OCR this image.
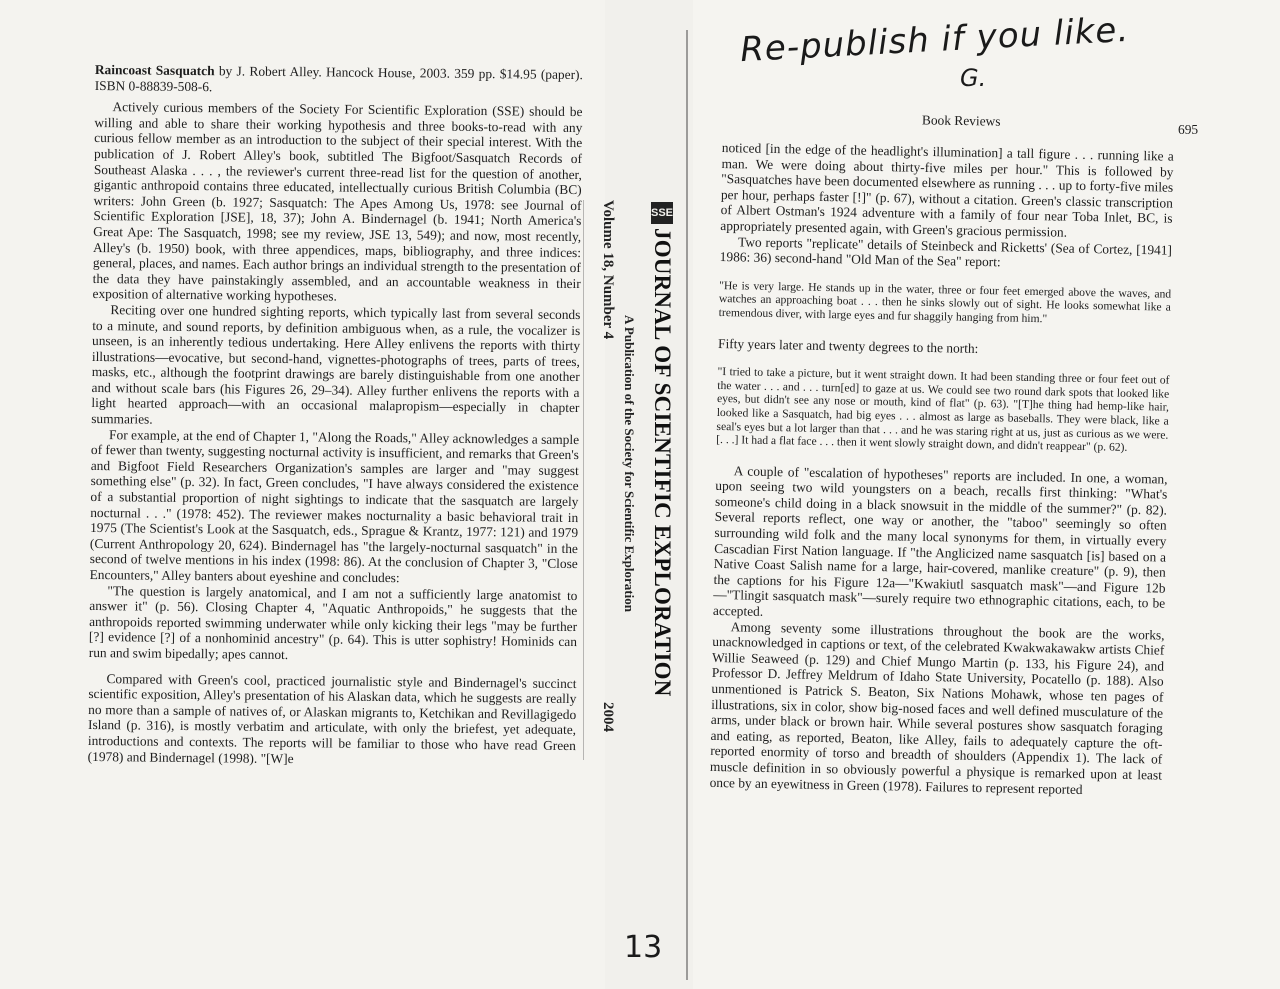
Raincoast Sasquatch by J. Robert Alley. Hancock House, 2003. 359 pp. $14.95 (paper). ISBN 0-88839-508-6.

Actively curious members of the Society For Scientific Exploration (SSE) should be willing and able to share their working hypothesis and three books-to-read with any curious fellow member as an introduction to the subject of their special interest. With the publication of J. Robert Alley's book, subtitled The Bigfoot/Sasquatch Records of Southeast Alaska . . . , the reviewer's current three-read list for the question of another, gigantic anthropoid contains three educated, intellectually curious British Columbia (BC) writers: John Green (b. 1927; Sasquatch: The Apes Among Us, 1978: see Journal of Scientific Exploration [JSE], 18, 37); John A. Bindernagel (b. 1941; North America's Great Ape: The Sasquatch, 1998; see my review, JSE 13, 549); and now, most recently, Alley's (b. 1950) book, with three appendices, maps, bibliography, and three indices: general, places, and names. Each author brings an individual strength to the presentation of the data they have painstakingly assembled, and an accountable weakness in their exposition of alternative working hypotheses.

Reciting over one hundred sighting reports, which typically last from several seconds to a minute, and sound reports, by definition ambiguous when, as a rule, the vocalizer is unseen, is an inherently tedious undertaking. Here Alley enlivens the reports with thirty illustrations—evocative, but second-hand, vignettes-photographs of trees, parts of trees, masks, etc., although the footprint drawings are barely distinguishable from one another and without scale bars (his Figures 26, 29–34). Alley further enlivens the reports with a light hearted approach—with an occasional malapropism—especially in chapter summaries.

For example, at the end of Chapter 1, "Along the Roads," Alley acknowledges a sample of fewer than twenty, suggesting nocturnal activity is insufficient, and remarks that Green's and Bigfoot Field Researchers Organization's samples are larger and "may suggest something else" (p. 32). In fact, Green concludes, "I have always considered the existence of a substantial proportion of night sightings to indicate that the sasquatch are largely nocturnal . . ." (1978: 452). The reviewer makes nocturnality a basic behavioral trait in 1975 (The Scientist's Look at the Sasquatch, eds., Sprague & Krantz, 1977: 121) and 1979 (Current Anthropology 20, 624). Bindernagel has "the largely-nocturnal sasquatch" in the second of twelve mentions in his index (1998: 86). At the conclusion of Chapter 3, "Close Encounters," Alley banters about eyeshine and concludes:

"The question is largely anatomical, and I am not a sufficiently large anatomist to answer it" (p. 56). Closing Chapter 4, "Aquatic Anthropoids," he suggests that the anthropoids reported swimming underwater while only kicking their legs "may be further [?] evidence [?] of a nonhominid ancestry" (p. 64). This is utter sophistry! Hominids can run and swim bipedally; apes cannot.

Compared with Green's cool, practiced journalistic style and Bindernagel's succinct scientific exposition, Alley's presentation of his Alaskan data, which he suggests are really no more than a sample of natives of, or Alaskan migrants to, Ketchikan and Revillagigedo Island (p. 316), is mostly verbatim and articulate, with only the briefest, yet adequate, introductions and contexts. The reports will be familiar to those who have read Green (1978) and Bindernagel (1998). "[W]e

SSE
JOURNAL OF SCIENTIFIC EXPLORATION
A Publication of the Society for Scientific Exploration
Volume 18, Number 4
2004
Book Reviews
695

noticed [in the edge of the headlight's illumination] a tall figure . . . running like a man. We were doing about thirty-five miles per hour." This is followed by "Sasquatches have been documented elsewhere as running . . . up to forty-five miles per hour, perhaps faster [!]" (p. 67), without a citation. Green's classic transcription of Albert Ostman's 1924 adventure with a family of four near Toba Inlet, BC, is appropriately presented again, with Green's gracious permission.

Two reports "replicate" details of Steinbeck and Ricketts' (Sea of Cortez, [1941] 1986: 36) second-hand "Old Man of the Sea" report:

"He is very large. He stands up in the water, three or four feet emerged above the waves, and watches an approaching boat . . . then he sinks slowly out of sight. He looks somewhat like a tremendous diver, with large eyes and fur shaggily hanging from him."

Fifty years later and twenty degrees to the north:

"I tried to take a picture, but it went straight down. It had been standing three or four feet out of the water . . . and . . . turn[ed] to gaze at us. We could see two round dark spots that looked like eyes, but didn't see any nose or mouth, kind of flat" (p. 63). "[T]he thing had hemp-like hair, looked like a Sasquatch, had big eyes . . . almost as large as baseballs. They were black, like a seal's eyes but a lot larger than that . . . and he was staring right at us, just as curious as we were. [. . .] It had a flat face . . . then it went slowly straight down, and didn't reappear" (p. 62).

A couple of "escalation of hypotheses" reports are included. In one, a woman, upon seeing two wild youngsters on a beach, recalls first thinking: "What's someone's child doing in a black snowsuit in the middle of the summer?" (p. 82). Several reports reflect, one way or another, the "taboo" seemingly so often surrounding wild folk and the many local synonyms for them, in virtually every Cascadian First Nation language. If "the Anglicized name sasquatch [is] based on a Native Coast Salish name for a large, hair-covered, manlike creature" (p. 9), then the captions for his Figure 12a—"Kwakiutl sasquatch mask"—and Figure 12b—"Tlingit sasquatch mask"—surely require two ethnographic citations, each, to be accepted.

Among seventy some illustrations throughout the book are the works, unacknowledged in captions or text, of the celebrated Kwakwakawakw artists Chief Willie Seaweed (p. 129) and Chief Mungo Martin (p. 133, his Figure 24), and Professor D. Jeffrey Meldrum of Idaho State University, Pocatello (p. 188). Also unmentioned is Patrick S. Beaton, Six Nations Mohawk, whose ten pages of illustrations, six in color, show big-nosed faces and well defined musculature of the arms, under black or brown hair. While several postures show sasquatch foraging and eating, as reported, Beaton, like Alley, fails to adequately capture the oft-reported enormity of torso and breadth of shoulders (Appendix 1). The lack of muscle definition in so obviously powerful a physique is remarked upon at least once by an eyewitness in Green (1978). Failures to represent reported

Re-publish if you like.
G.
13
